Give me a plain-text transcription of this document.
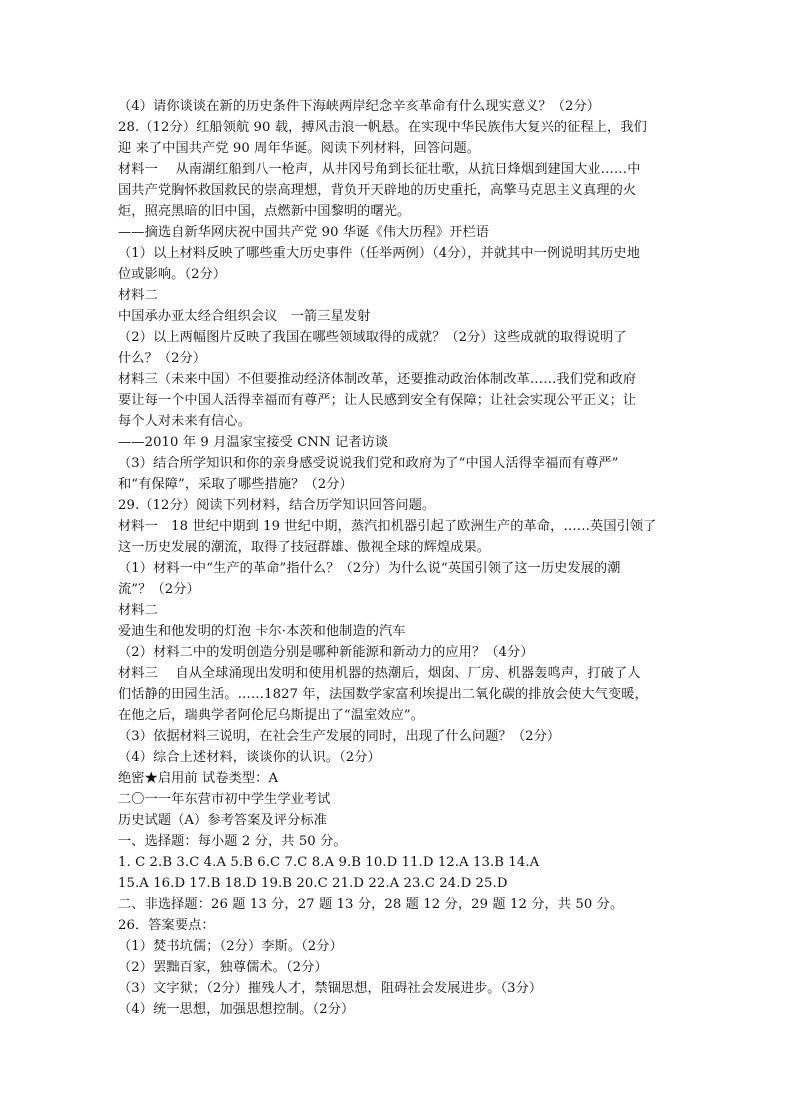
（4）请你谈谈在新的历史条件下海峡两岸纪念辛亥革命有什么现实意义？（2分）
28.（12分）红船领航 90 载，搏风击浪一帆悬。在实现中华民族伟大复兴的征程上，我们
迎 来了中国共产党 90 周年华诞。阅读下列材料，回答问题。
材料一　 从南湖红船到八一枪声，从井冈号角到长征壮歌，从抗日烽烟到建国大业……中
国共产党胸怀救国救民的崇高理想，背负开天辟地的历史重托，高擎马克思主义真理的火
炬，照亮黑暗的旧中国，点燃新中国黎明的曙光。
——摘选自新华网庆祝中国共产党 90 华诞《伟大历程》开栏语
（1）以上材料反映了哪些重大历史事件（任举两例）（4分），并就其中一例说明其历史地
位或影响。（2分）
材料二
中国承办亚太经合组织会议　一箭三星发射
（2）以上两幅图片反映了我国在哪些领域取得的成就？（2分）这些成就的取得说明了
什么？（2分）
材料三（未来中国）不但要推动经济体制改革，还要推动政治体制改革……我们党和政府
要让每一个中国人活得幸福而有尊严；让人民感到安全有保障；让社会实现公平正义；让
每个人对未来有信心。
——2010 年 9 月温家宝接受 CNN 记者访谈
（3）结合所学知识和你的亲身感受说说我们党和政府为了“中国人活得幸福而有尊严”
和“有保障”，采取了哪些措施？（2分）
29.（12分）阅读下列材料，结合历学知识回答问题。
材料一　18 世纪中期到 19 世纪中期，蒸汽扣机器引起了欧洲生产的革命，……英国引领了
这一历史发展的潮流，取得了技冠群雄、傲视全球的辉煌成果。
（1）材料一中“生产的革命”指什么？（2分）为什么说“英国引领了这一历史发展的潮
流”？（2分）
材料二
爱迪生和他发明的灯泡 卡尔·本茨和他制造的汽车
（2）材料二中的发明创造分别是哪种新能源和新动力的应用？（4分）
材料三　 自从全球涌现出发明和使用机器的热潮后，烟囱、厂房、机器轰鸣声，打破了人
们恬静的田园生活。……1827 年，法国数学家富利埃提出二氧化碳的排放会使大气变暖，
在他之后，瑞典学者阿伦尼乌斯提出了“温室效应”。
（3）依据材料三说明，在社会生产发展的同时，出现了什么问题？（2分）
（4）综合上述材料，谈谈你的认识。（2分）
绝密★启用前 试卷类型：A
二〇一一年东营市初中学生学业考试
历史试题（A）参考答案及评分标准
一、选择题：每小题 2 分，共 50 分。
1. C 2.B 3.C 4.A 5.B 6.C 7.C 8.A 9.B 10.D 11.D 12.A 13.B 14.A
15.A 16.D 17.B 18.D 19.B 20.C 21.D 22.A 23.C 24.D 25.D
二、非选择题：26 题 13 分，27 题 13 分，28 题 12 分，29 题 12 分，共 50 分。
26．答案要点：
（1）焚书坑儒；（2分）李斯。（2分）
（2）罢黜百家，独尊儒术。（2分）
（3）文字狱；（2分）摧残人才，禁锢思想，阻碍社会发展进步。（3分）
（4）统一思想，加强思想控制。（2分）
